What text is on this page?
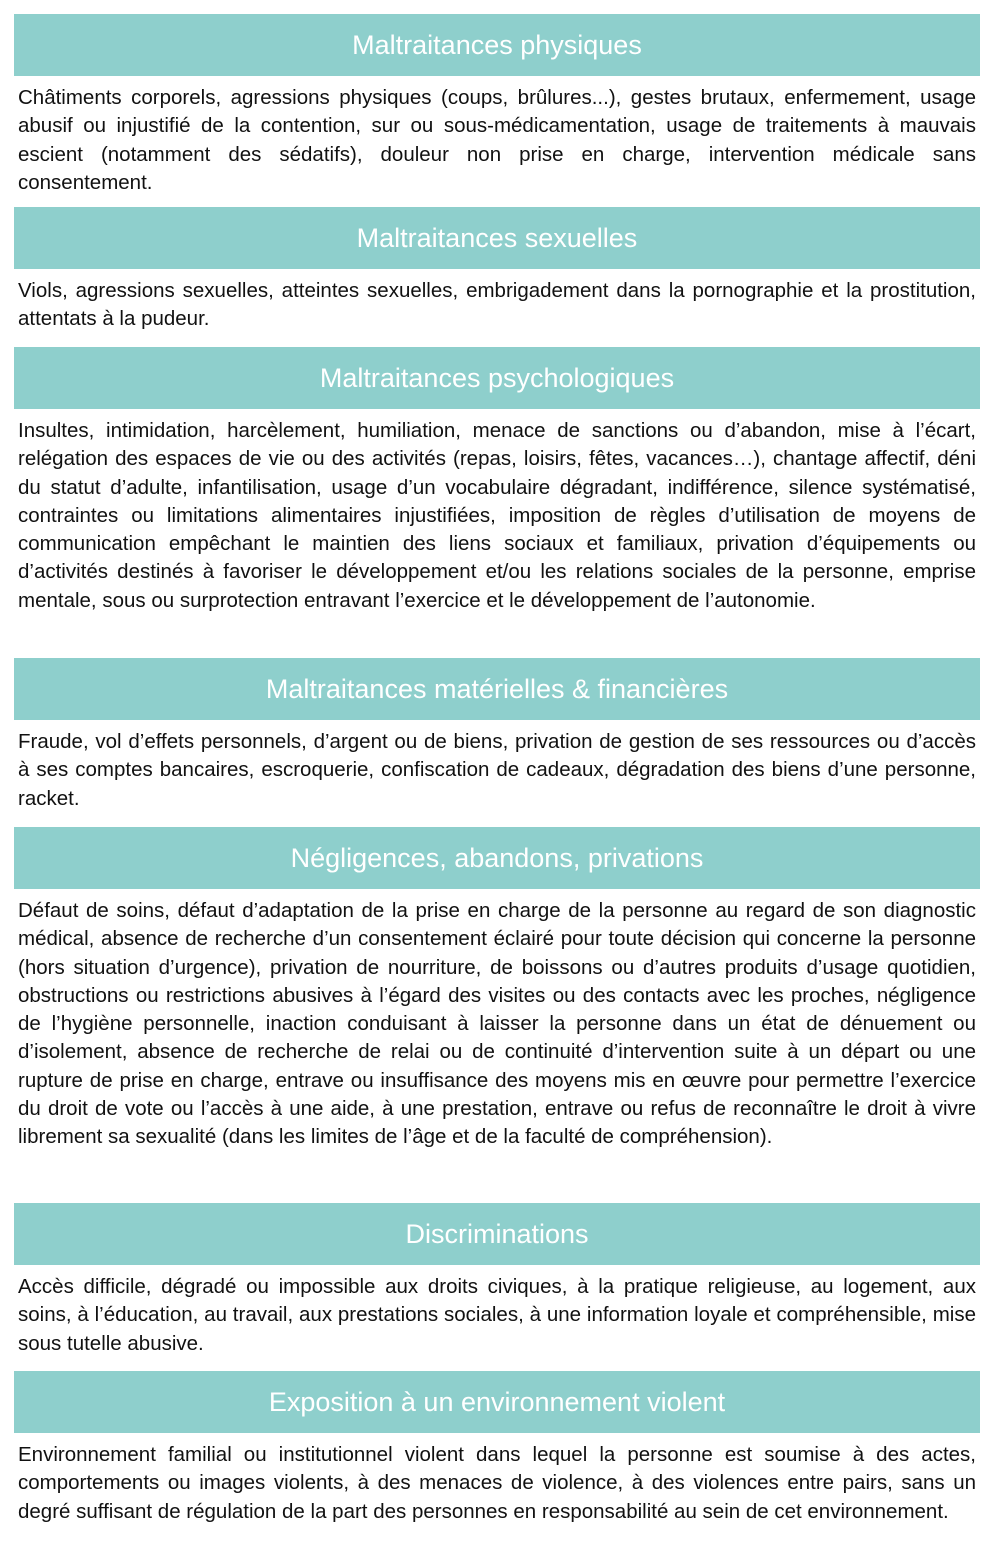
Maltraitances physiques
Châtiments corporels, agressions physiques (coups, brûlures...), gestes brutaux, enfermement, usage abusif ou injustifié de la contention, sur ou sous-médicamentation, usage de traitements à mauvais escient (notamment des sédatifs), douleur non prise en charge, intervention médicale sans consentement.
Maltraitances sexuelles
Viols, agressions sexuelles, atteintes sexuelles, embrigadement dans la pornographie et la prostitution, attentats à la pudeur.
Maltraitances psychologiques
Insultes, intimidation, harcèlement, humiliation, menace de sanctions ou d’abandon, mise à l’écart, relégation des espaces de vie ou des activités (repas, loisirs, fêtes, vacances…), chantage affectif, déni du statut d’adulte, infantilisation, usage d’un vocabulaire dégradant, indifférence, silence systématisé, contraintes ou limitations alimentaires injustifiées, imposition de règles d’utilisation de moyens de communication empêchant le maintien des liens sociaux et familiaux, privation d’équipements ou d’activités destinés à favoriser le développement et/ou les relations sociales de la personne, emprise mentale, sous ou surprotection entravant l’exercice et le développement de l’autonomie.
Maltraitances matérielles & financières
Fraude, vol d’effets personnels, d’argent ou de biens, privation de gestion de ses ressources ou d’accès à ses comptes bancaires, escroquerie, confiscation de cadeaux, dégradation des biens d’une personne, racket.
Négligences, abandons, privations
Défaut de soins, défaut d’adaptation de la prise en charge de la personne au regard de son diagnostic médical, absence de recherche d’un consentement éclairé pour toute décision qui concerne la personne (hors situation d’urgence), privation de nourriture, de boissons ou d’autres produits d’usage quotidien, obstructions ou restrictions abusives à l’égard des visites ou des contacts avec les proches, négligence de l’hygiène personnelle, inaction conduisant à laisser la personne dans un état de dénuement ou d’isolement, absence de recherche de relai ou de continuité d’intervention suite à un départ ou une rupture de prise en charge, entrave ou insuffisance des moyens mis en œuvre pour permettre l’exercice du droit de vote ou l’accès à une aide, à une prestation, entrave ou refus de reconnaître le droit à vivre librement sa sexualité (dans les limites de l’âge et de la faculté de compréhension).
Discriminations
Accès difficile, dégradé ou impossible aux droits civiques, à la pratique religieuse, au logement, aux soins, à l’éducation, au travail, aux prestations sociales, à une information loyale et compréhensible, mise sous tutelle abusive.
Exposition à un environnement violent
Environnement familial ou institutionnel violent dans lequel la personne est soumise à des actes, comportements ou images violents, à des menaces de violence, à des violences entre pairs, sans un degré suffisant de régulation de la part des personnes en responsabilité au sein de cet environnement.
